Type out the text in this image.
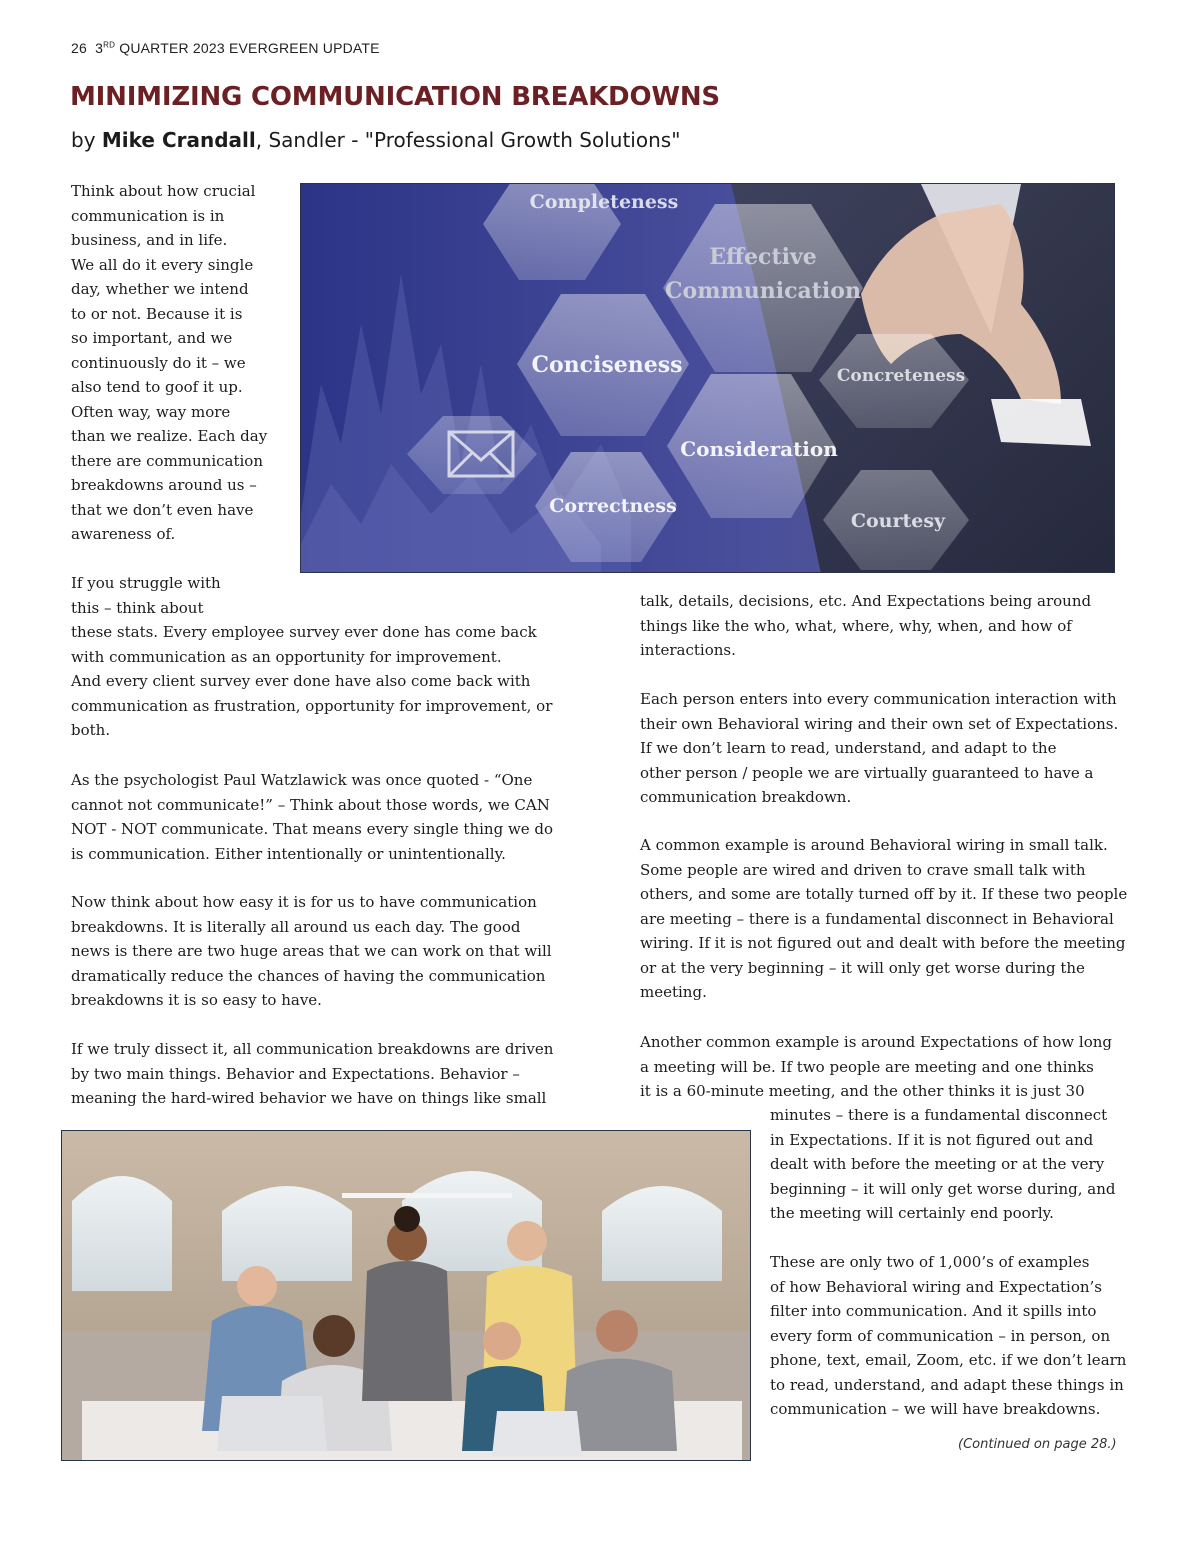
26 3RD QUARTER 2023 EVERGREEN UPDATE
MINIMIZING COMMUNICATION BREAKDOWNS
by Mike Crandall, Sandler - "Professional Growth Solutions"
Completeness
Effective
Communication
Conciseness	Concreteness
Consideration
Correctness
Courtesy
Think about how crucial
communication is in
business, and in life.
We all do it every single
day, whether we intend
to or not. Because it is
so important, and we
continuously do it – we
also tend to goof it up.
Often way, way more
than we realize. Each day
there are communication
breakdowns around us –
that we don’t even have
awareness of.
If you struggle with
this – think about
these stats. Every employee survey ever done has come back
with communication as an opportunity for improvement.
And every client survey ever done have also come back with
communication as frustration, opportunity for improvement, or
both.
As the psychologist Paul Watzlawick was once quoted - “One
cannot not communicate!” – Think about those words, we CAN
NOT - NOT communicate. That means every single thing we do
is communication. Either intentionally or unintentionally.
Now think about how easy it is for us to have communication
breakdowns. It is literally all around us each day. The good
news is there are two huge areas that we can work on that will
dramatically reduce the chances of having the communication
breakdowns it is so easy to have.
If we truly dissect it, all communication breakdowns are driven
by two main things. Behavior and Expectations. Behavior –
meaning the hard-wired behavior we have on things like small
talk, details, decisions, etc. And Expectations being around
things like the who, what, where, why, when, and how of
interactions.
Each person enters into every communication interaction with
their own Behavioral wiring and their own set of Expectations.
If we don’t learn to read, understand, and adapt to the
other person / people we are virtually guaranteed to have a
communication breakdown.
A common example is around Behavioral wiring in small talk.
Some people are wired and driven to crave small talk with
others, and some are totally turned off by it. If these two people
are meeting – there is a fundamental disconnect in Behavioral
wiring. If it is not figured out and dealt with before the meeting
or at the very beginning – it will only get worse during the
meeting.
Another common example is around Expectations of how long
a meeting will be. If two people are meeting and one thinks
it is a 60-minute meeting, and the other thinks it is just 30
minutes – there is a fundamental disconnect
in Expectations. If it is not figured out and
dealt with before the meeting or at the very
beginning – it will only get worse during, and
the meeting will certainly end poorly.
These are only two of 1,000’s of examples
of how Behavioral wiring and Expectation’s
filter into communication. And it spills into
every form of communication – in person, on
phone, text, email, Zoom, etc. if we don’t learn
to read, understand, and adapt these things in
communication – we will have breakdowns.
(Continued on page 28.)
